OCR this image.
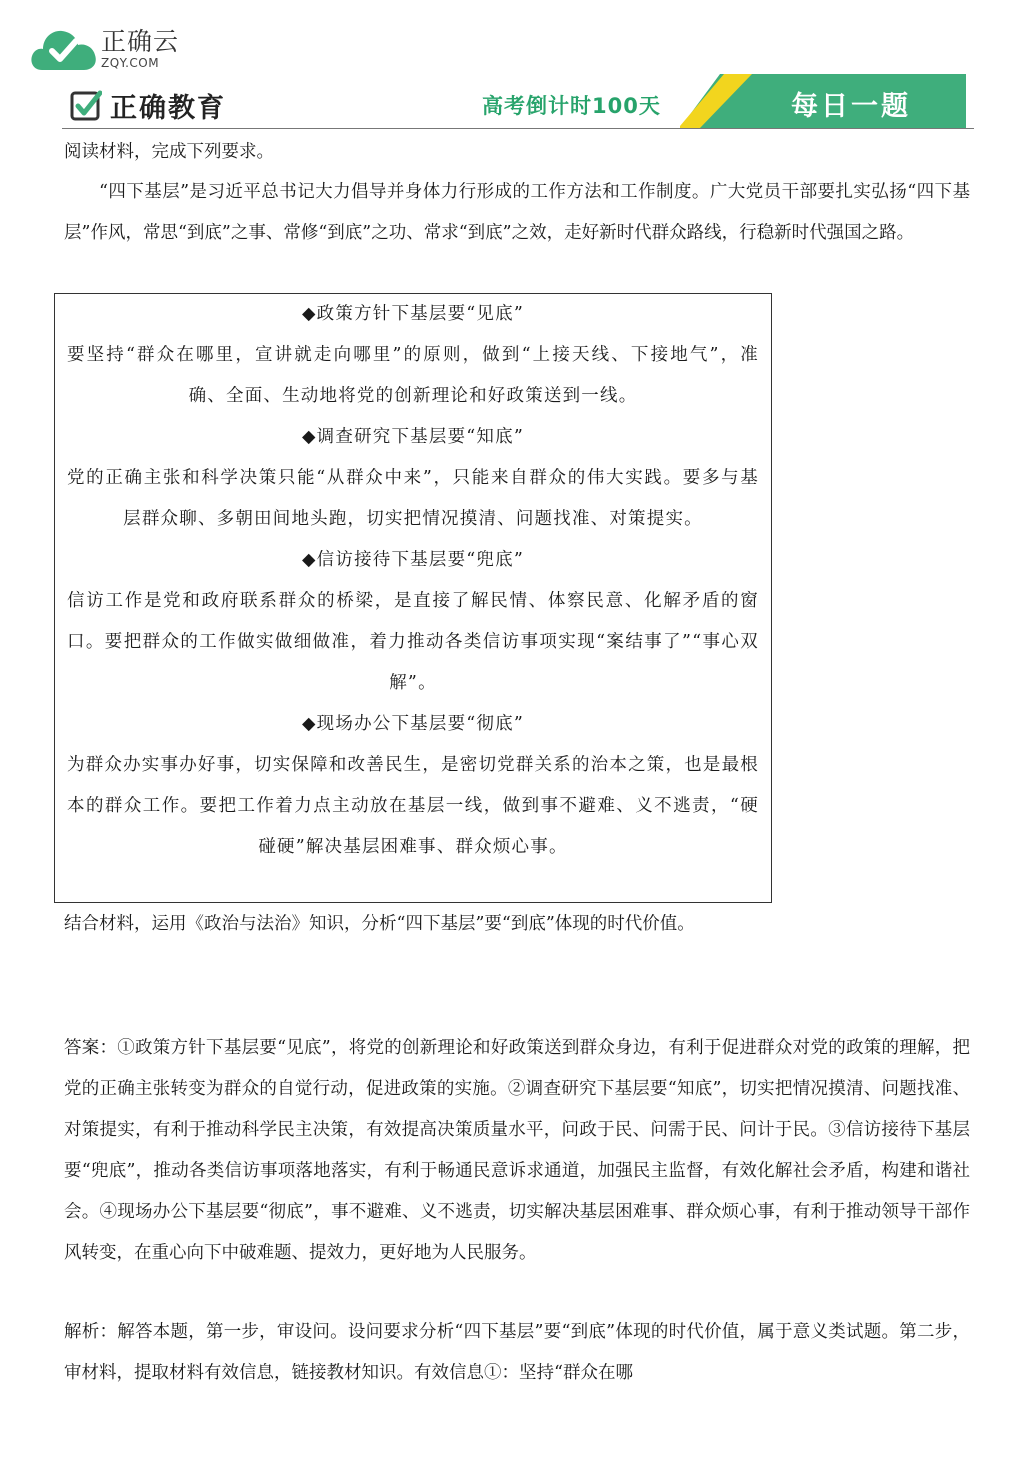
正确云
ZQY.COM
正确教育	高考倒计时100天	每日一题

阅读材料，完成下列要求。

“四下基层”是习近平总书记大力倡导并身体力行形成的工作方法和工作制度。广大党员干部要扎实弘扬“四下基层”作风，常思“到底”之事、常修“到底”之功、常求“到底”之效，走好新时代群众路线，行稳新时代强国之路。

◆政策方针下基层要“见底”

要坚持“群众在哪里，宣讲就走向哪里”的原则，做到“上接天线、下接地气”，准确、全面、生动地将党的创新理论和好政策送到一线。

◆调查研究下基层要“知底”

党的正确主张和科学决策只能“从群众中来”，只能来自群众的伟大实践。要多与基层群众聊、多朝田间地头跑，切实把情况摸清、问题找准、对策提实。

◆信访接待下基层要“兜底”

信访工作是党和政府联系群众的桥梁，是直接了解民情、体察民意、化解矛盾的窗口。要把群众的工作做实做细做准，着力推动各类信访事项实现“案结事了”“事心双解”。

◆现场办公下基层要“彻底”

为群众办实事办好事，切实保障和改善民生，是密切党群关系的治本之策，也是最根本的群众工作。要把工作着力点主动放在基层一线，做到事不避难、义不逃责，“硬碰硬”解决基层困难事、群众烦心事。

结合材料，运用《政治与法治》知识，分析“四下基层”要“到底”体现的时代价值。

答案：①政策方针下基层要“见底”，将党的创新理论和好政策送到群众身边，有利于促进群众对党的政策的理解，把党的正确主张转变为群众的自觉行动，促进政策的实施。②调查研究下基层要“知底”，切实把情况摸清、问题找准、对策提实，有利于推动科学民主决策，有效提高决策质量水平，问政于民、问需于民、问计于民。③信访接待下基层要“兜底”，推动各类信访事项落地落实，有利于畅通民意诉求通道，加强民主监督，有效化解社会矛盾，构建和谐社会。④现场办公下基层要“彻底”，事不避难、义不逃责，切实解决基层困难事、群众烦心事，有利于推动领导干部作风转变，在重心向下中破难题、提效力，更好地为人民服务。

解析：解答本题，第一步，审设问。设问要求分析“四下基层”要“到底”体现的时代价值，属于意义类试题。第二步，审材料，提取材料有效信息，链接教材知识。有效信息①：坚持“群众在哪
